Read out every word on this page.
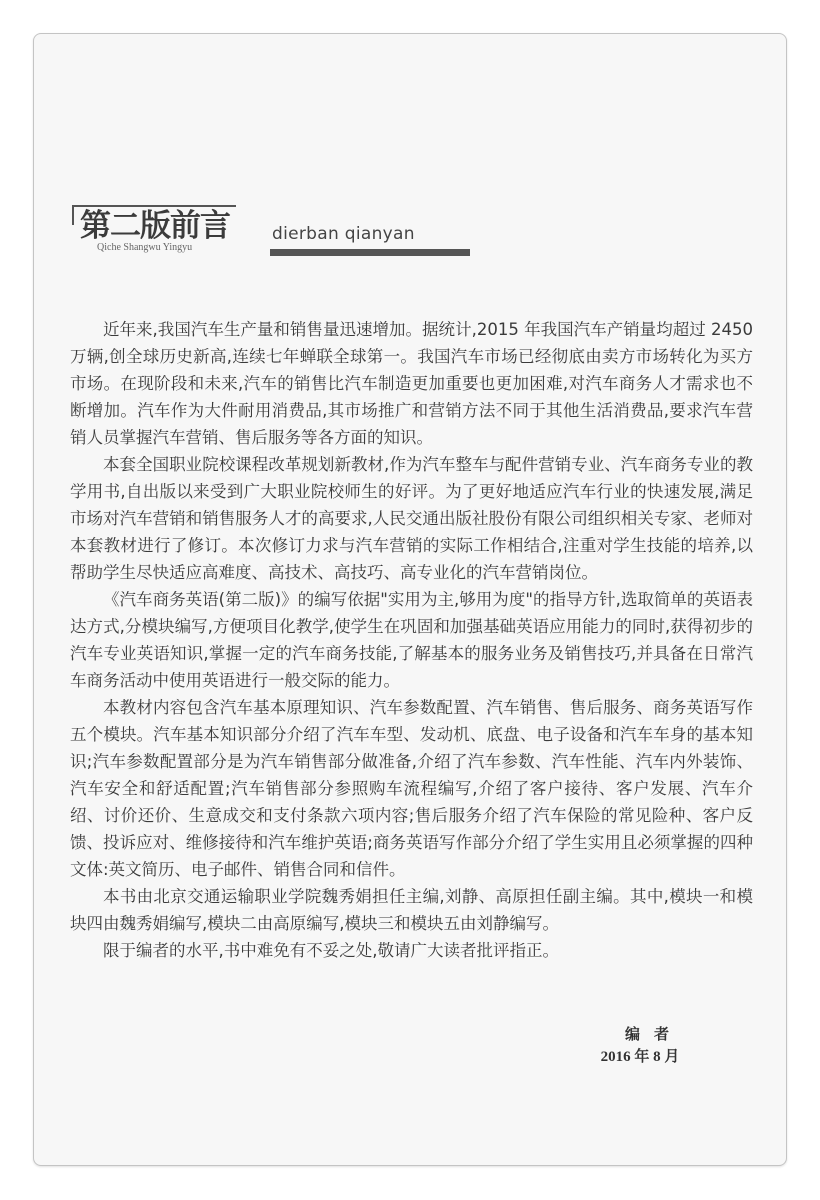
第二版前言
Qiche Shangwu Yingyu
dierban qianyan

近年来,我国汽车生产量和销售量迅速增加。据统计,2015 年我国汽车产销量均超过 2450 万辆,创全球历史新高,连续七年蝉联全球第一。我国汽车市场已经彻底由卖方市场转化为买方市场。在现阶段和未来,汽车的销售比汽车制造更加重要也更加困难,对汽车商务人才需求也不断增加。汽车作为大件耐用消费品,其市场推广和营销方法不同于其他生活消费品,要求汽车营销人员掌握汽车营销、售后服务等各方面的知识。

本套全国职业院校课程改革规划新教材,作为汽车整车与配件营销专业、汽车商务专业的教学用书,自出版以来受到广大职业院校师生的好评。为了更好地适应汽车行业的快速发展,满足市场对汽车营销和销售服务人才的高要求,人民交通出版社股份有限公司组织相关专家、老师对本套教材进行了修订。本次修订力求与汽车营销的实际工作相结合,注重对学生技能的培养,以帮助学生尽快适应高难度、高技术、高技巧、高专业化的汽车营销岗位。

《汽车商务英语(第二版)》的编写依据"实用为主,够用为度"的指导方针,选取简单的英语表达方式,分模块编写,方便项目化教学,使学生在巩固和加强基础英语应用能力的同时,获得初步的汽车专业英语知识,掌握一定的汽车商务技能,了解基本的服务业务及销售技巧,并具备在日常汽车商务活动中使用英语进行一般交际的能力。

本教材内容包含汽车基本原理知识、汽车参数配置、汽车销售、售后服务、商务英语写作五个模块。汽车基本知识部分介绍了汽车车型、发动机、底盘、电子设备和汽车车身的基本知识;汽车参数配置部分是为汽车销售部分做准备,介绍了汽车参数、汽车性能、汽车内外装饰、汽车安全和舒适配置;汽车销售部分参照购车流程编写,介绍了客户接待、客户发展、汽车介绍、讨价还价、生意成交和支付条款六项内容;售后服务介绍了汽车保险的常见险种、客户反馈、投诉应对、维修接待和汽车维护英语;商务英语写作部分介绍了学生实用且必须掌握的四种文体:英文简历、电子邮件、销售合同和信件。

本书由北京交通运输职业学院魏秀娟担任主编,刘静、高原担任副主编。其中,模块一和模块四由魏秀娟编写,模块二由高原编写,模块三和模块五由刘静编写。

限于编者的水平,书中难免有不妥之处,敬请广大读者批评指正。

编者
2016 年 8 月
